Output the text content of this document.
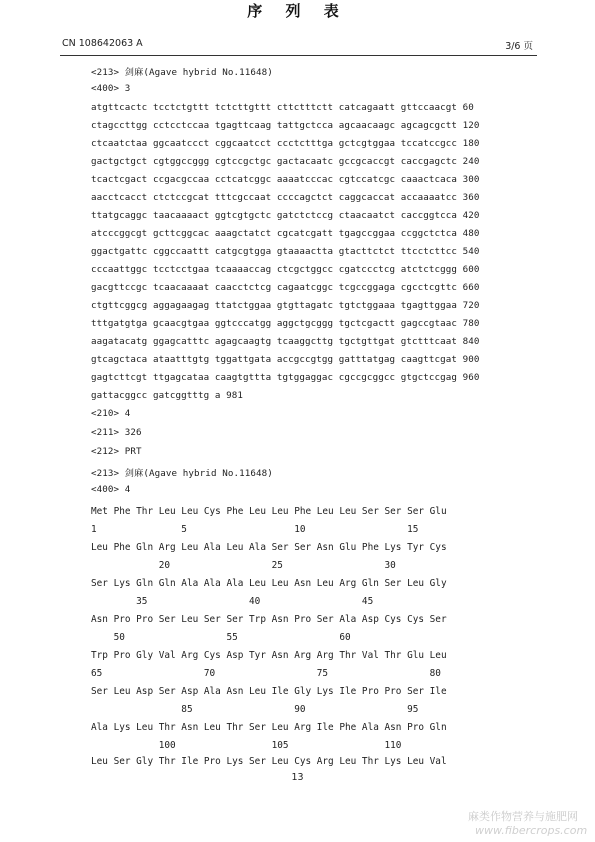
CN 108642063 A
序 列 表
3/6 页
<213> 剑麻(Agave hybrid No.11648)
<400> 3
atgttcactc tcctctgttt tctcttgttt cttctttctt catcagaatt gttccaacgt 60
ctagccttgg cctcctccaa tgagttcaag tattgctcca agcaacaagc agcagcgctt 120
ctcaatctaa ggcaatccct cggcaatcct ccctctttga gctcgtggaa tccatccgcc 180
gactgctgct cgtggccggg cgtccgctgc gactacaatc gccgcaccgt caccgagctc 240
tcactcgact ccgacgccaa cctcatcggc aaaatcccac cgtccatcgc caaactcaca 300
aacctcacct ctctccgcat tttcgccaat ccccagctct caggcaccat accaaaatcc 360
ttatgcaggc taacaaaact ggtcgtgctc gatctctccg ctaacaatct caccggtcca 420
atcccggcgt gcttcggcac aaagctatct cgcatcgatt tgagccggaa ccggctctca 480
ggactgattc cggccaattt catgcgtgga gtaaaactta gtacttctct ttcctcttcc 540
cccaattggc tcctcctgaa tcaaaaccag ctcgctggcc cgatccctcg atctctcggg 600
gacgttccgc tcaacaaaat caacctctcg cagaatcggc tcgccggaga cgcctcgttc 660
ctgttcggcg aggagaagag ttatctggaa gtgttagatc tgtctggaaa tgagttggaa 720
tttgatgtga gcaacgtgaa ggtcccatgg aggctgcggg tgctcgactt gagccgtaac 780
aagatacatg ggagcatttc agagcaagtg tcaaggcttg tgctgttgat gtctttcaat 840
gtcagctaca ataatttgtg tggattgata accgccgtgg gatttatgag caagttcgat 900
gagtcttcgt ttgagcataa caagtgttta tgtggaggac cgccgcggcc gtgctccgag 960
gattacggcc gatcggtttg a 981
<210> 4
<211> 326
<212> PRT
<213> 剑麻(Agave hybrid No.11648)
<400> 4
Met Phe Thr Leu Leu Cys Phe Leu Leu Phe Leu Leu Ser Ser Ser Glu
1               5                   10                  15
Leu Phe Gln Arg Leu Ala Leu Ala Ser Ser Asn Glu Phe Lys Tyr Cys
20                  25                  30
Ser Lys Gln Gln Ala Ala Ala Leu Leu Asn Leu Arg Gln Ser Leu Gly
35                  40                  45
Asn Pro Pro Ser Leu Ser Ser Trp Asn Pro Ser Ala Asp Cys Cys Ser
50                  55                  60
Trp Pro Gly Val Arg Cys Asp Tyr Asn Arg Arg Thr Val Thr Glu Leu
65                  70                  75                  80
Ser Leu Asp Ser Asp Ala Asn Leu Ile Gly Lys Ile Pro Pro Ser Ile
85                  90                  95
Ala Lys Leu Thr Asn Leu Thr Ser Leu Arg Ile Phe Ala Asn Pro Gln
100                 105                 110
Leu Ser Gly Thr Ile Pro Lys Ser Leu Cys Arg Leu Thr Lys Leu Val
13
麻类作物营养与施肥网
www.fibercrops.com
